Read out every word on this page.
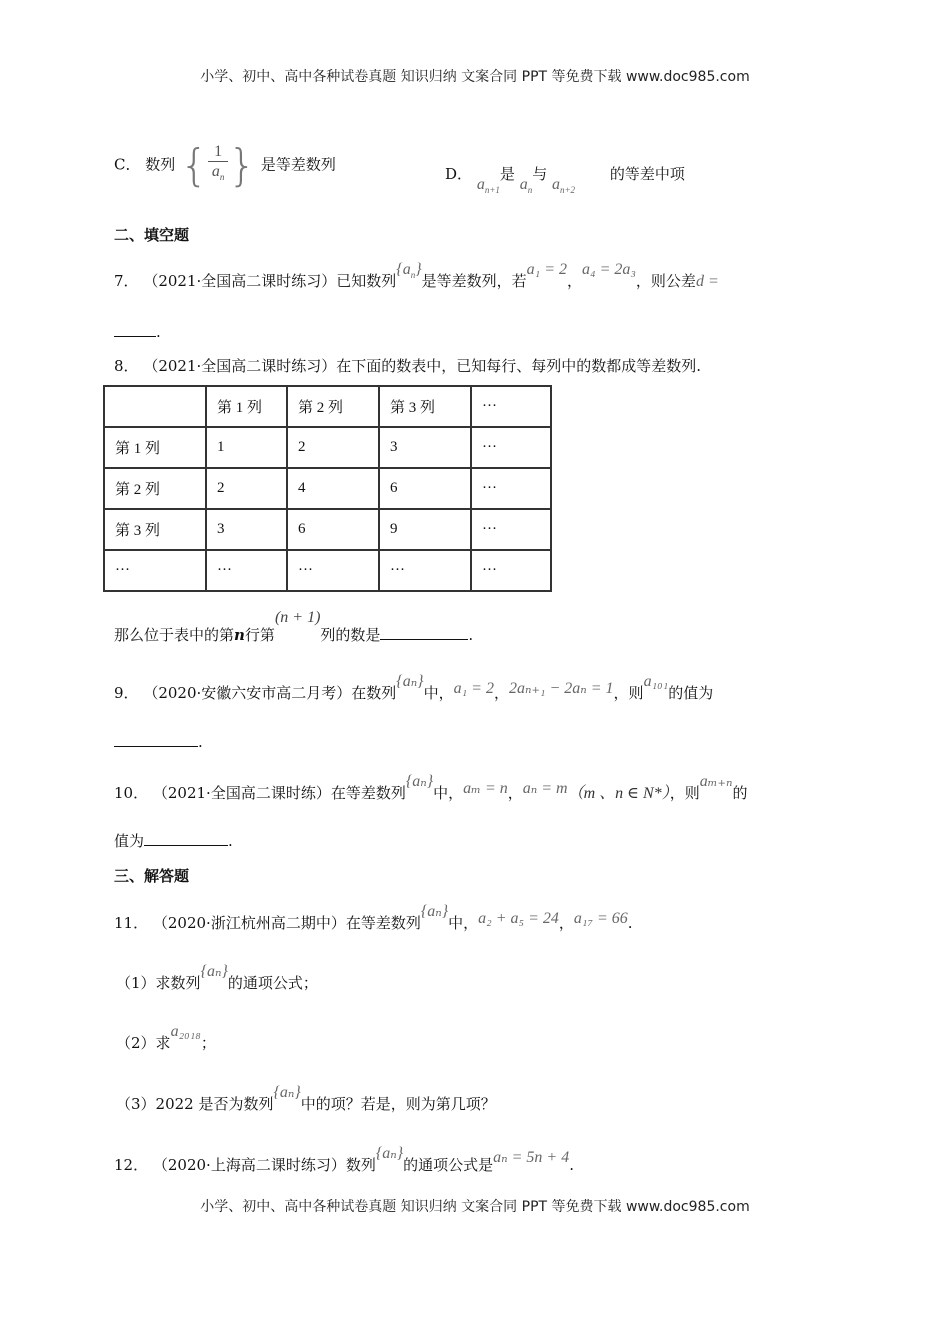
小学、初中、高中各种试卷真题 知识归纳 文案合同 PPT 等免费下载 www.doc985.com
C． 数列 { $\frac{1}{a_n}$ } 是等差数列
D． $a_{n+1}$是 $a_n$与 $a_{n+2}$ 的等差中项
二、填空题
7． （2021·全国高二课时练习）已知数列$\{a_n\}$是等差数列，若a₁ = 2，a₄ = 2a₃，则公差d =
.
8． （2021·全国高二课时练习）在下面的数表中，已知每行、每列中的数都成等差数列.
	第 1 列	第 2 列	第 3 列	···
第 1 列	1	2	3	···
第 2 列	2	4	6	···
第 3 列	3	6	9	···
···	···	···	···	···
那么位于表中的第n行第(n + 1)列的数是	.
9． （2020·安徽六安市高二月考）在数列{aₙ}中，a₁ = 2，2aₙ₊₁ − 2aₙ = 1，则a₁₀₁的值为
.
10． （2021·全国高二课时练）在等差数列{aₙ}中，aₘ = n，aₙ = m（m 、n ∈ N*），则aₘ₊ₙ的
值为	.
三、解答题
11． （2020·浙江杭州高二期中）在等差数列{aₙ}中，a₂ + a₅ = 24，a₁₇ = 66.
（1）求数列{aₙ}的通项公式；
（2）求a₂₀₁₈；
（3）2022 是否为数列{aₙ}中的项？若是，则为第几项？
12． （2020·上海高二课时练习）数列{aₙ}的通项公式是aₙ = 5n + 4.
小学、初中、高中各种试卷真题 知识归纳 文案合同 PPT 等免费下载 www.doc985.com
